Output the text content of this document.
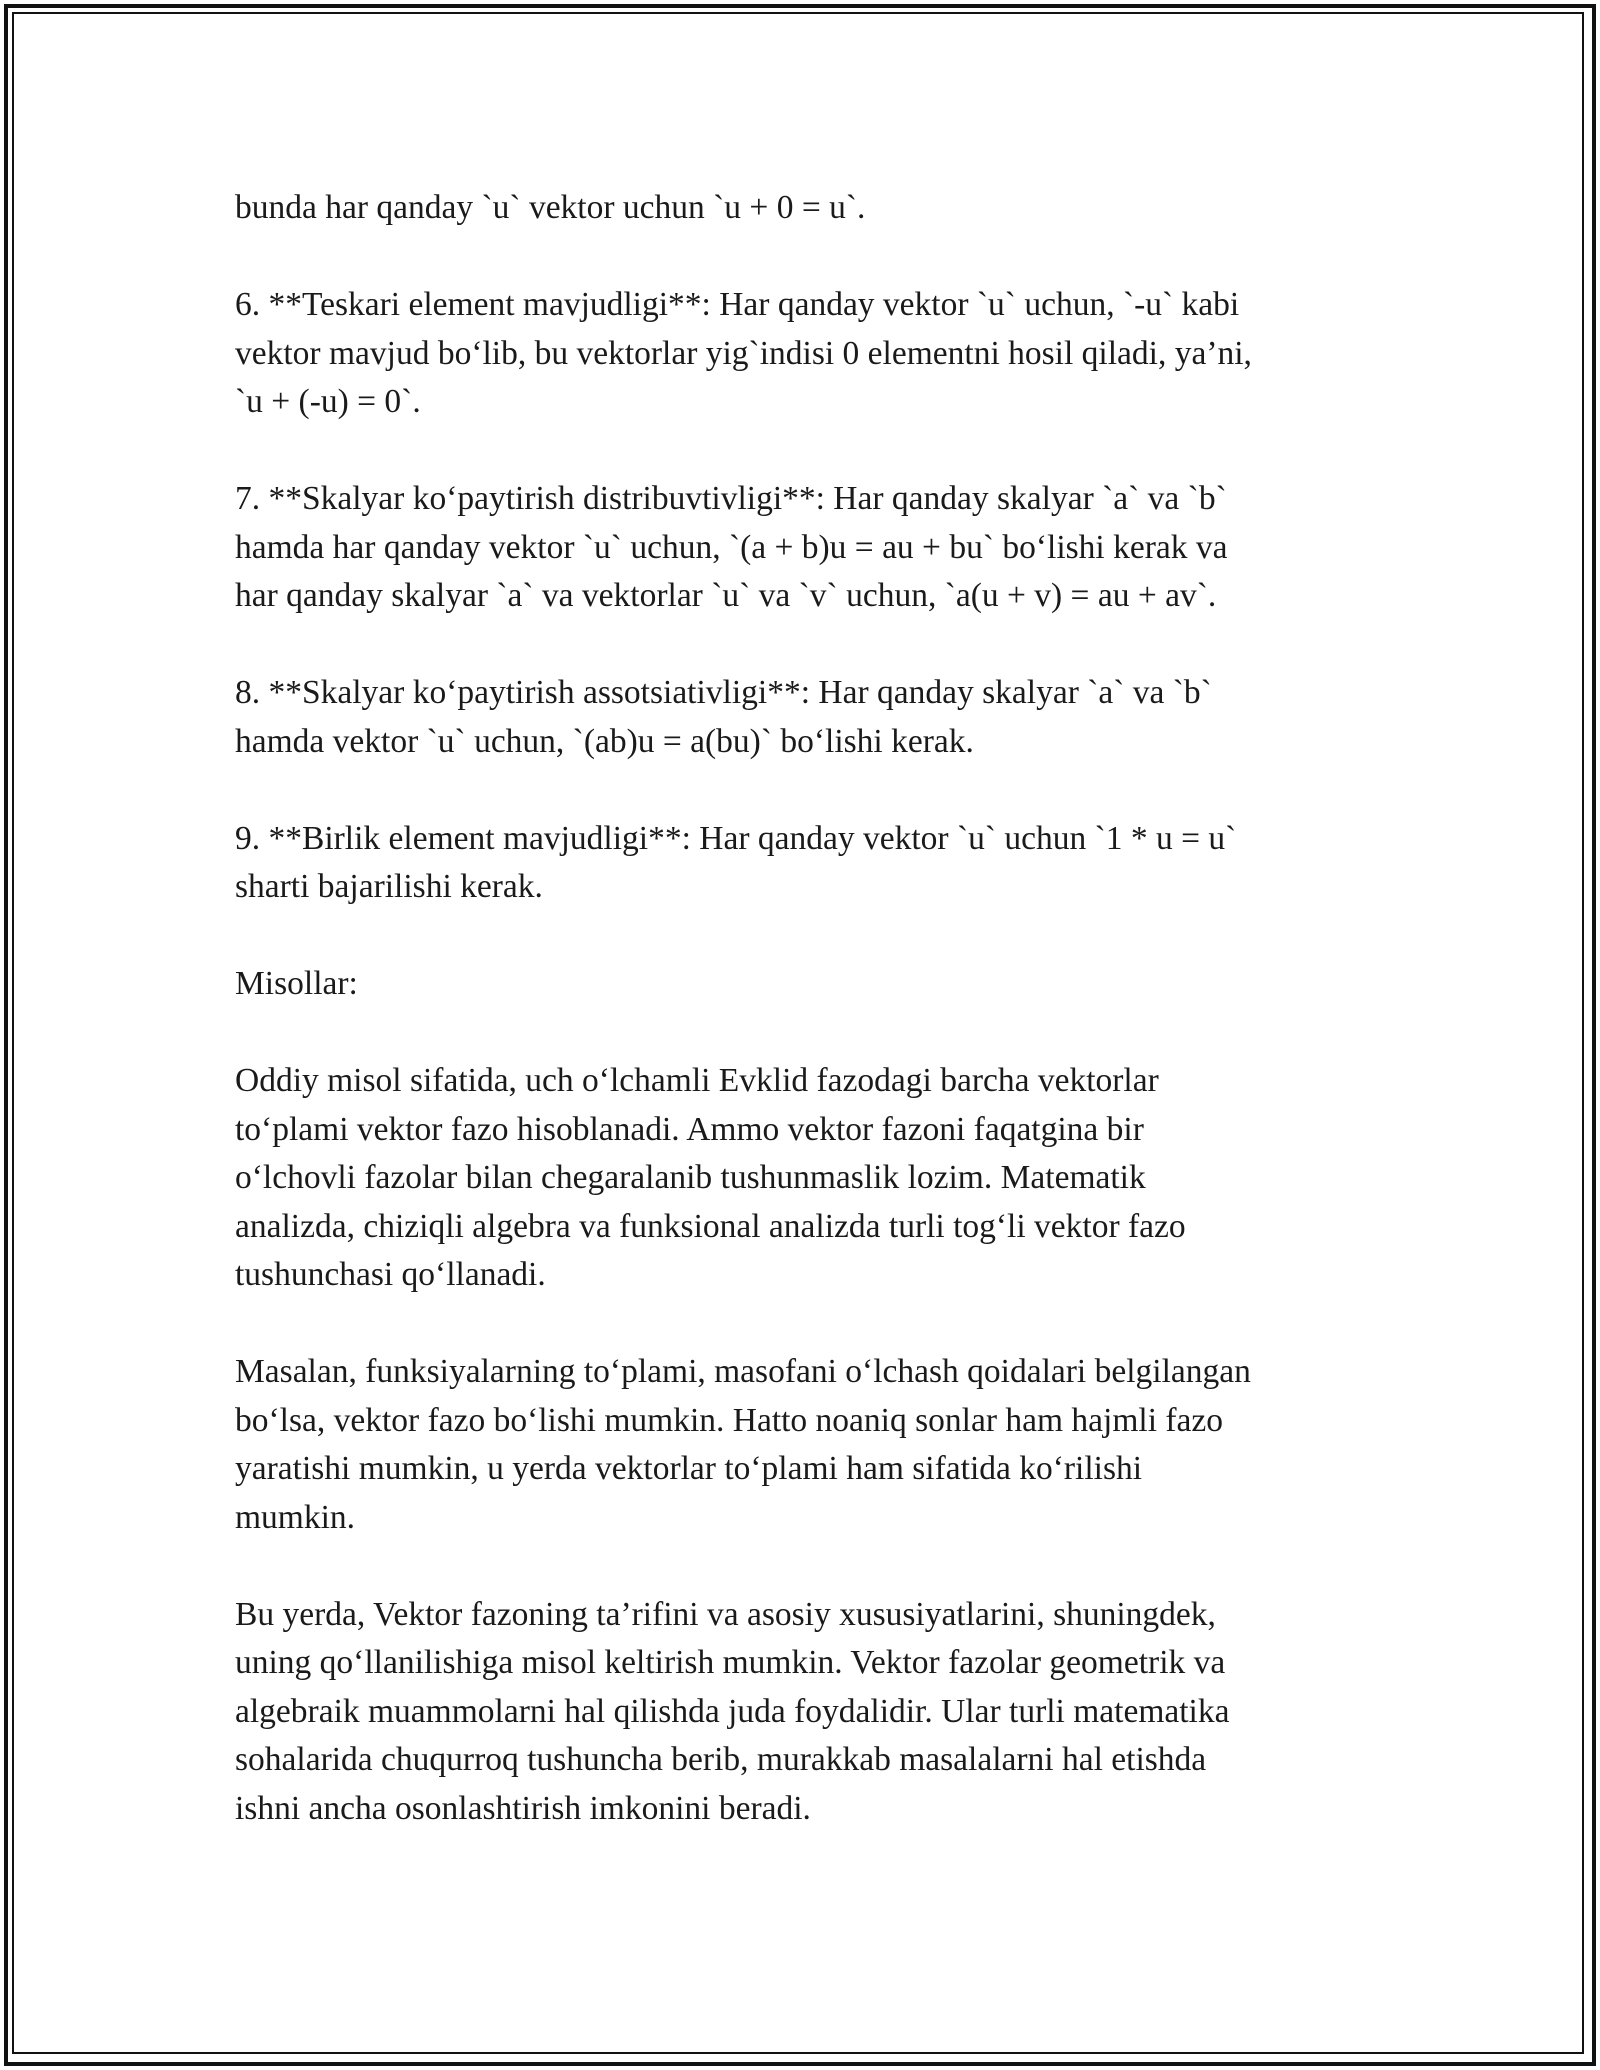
bunda har qanday `u` vektor uchun `u + 0 = u`.

6. **Teskari element mavjudligi**: Har qanday vektor `u` uchun, `-u` kabi
vektor mavjud bo‘lib, bu vektorlar yig`indisi 0 elementni hosil qiladi, ya’ni,
`u + (-u) = 0`.

7. **Skalyar ko‘paytirish distribuvtivligi**: Har qanday skalyar `a` va `b`
hamda har qanday vektor `u` uchun, `(a + b)u = au + bu` bo‘lishi kerak va
har qanday skalyar `a` va vektorlar `u` va `v` uchun, `a(u + v) = au + av`.

8. **Skalyar ko‘paytirish assotsiativligi**: Har qanday skalyar `a` va `b`
hamda vektor `u` uchun, `(ab)u = a(bu)` bo‘lishi kerak.

9. **Birlik element mavjudligi**: Har qanday vektor `u` uchun `1 * u = u`
sharti bajarilishi kerak.

Misollar:

Oddiy misol sifatida, uch o‘lchamli Evklid fazodagi barcha vektorlar
to‘plami vektor fazo hisoblanadi. Ammo vektor fazoni faqatgina bir
o‘lchovli fazolar bilan chegaralanib tushunmaslik lozim. Matematik
analizda, chiziqli algebra va funksional analizda turli tog‘li vektor fazo
tushunchasi qo‘llanadi.

Masalan, funksiyalarning to‘plami, masofani o‘lchash qoidalari belgilangan
bo‘lsa, vektor fazo bo‘lishi mumkin. Hatto noaniq sonlar ham hajmli fazo
yaratishi mumkin, u yerda vektorlar to‘plami ham sifatida ko‘rilishi
mumkin.

Bu yerda, Vektor fazoning ta’rifini va asosiy xususiyatlarini, shuningdek,
uning qo‘llanilishiga misol keltirish mumkin. Vektor fazolar geometrik va
algebraik muammolarni hal qilishda juda foydalidir. Ular turli matematika
sohalarida chuqurroq tushuncha berib, murakkab masalalarni hal etishda
ishni ancha osonlashtirish imkonini beradi.
